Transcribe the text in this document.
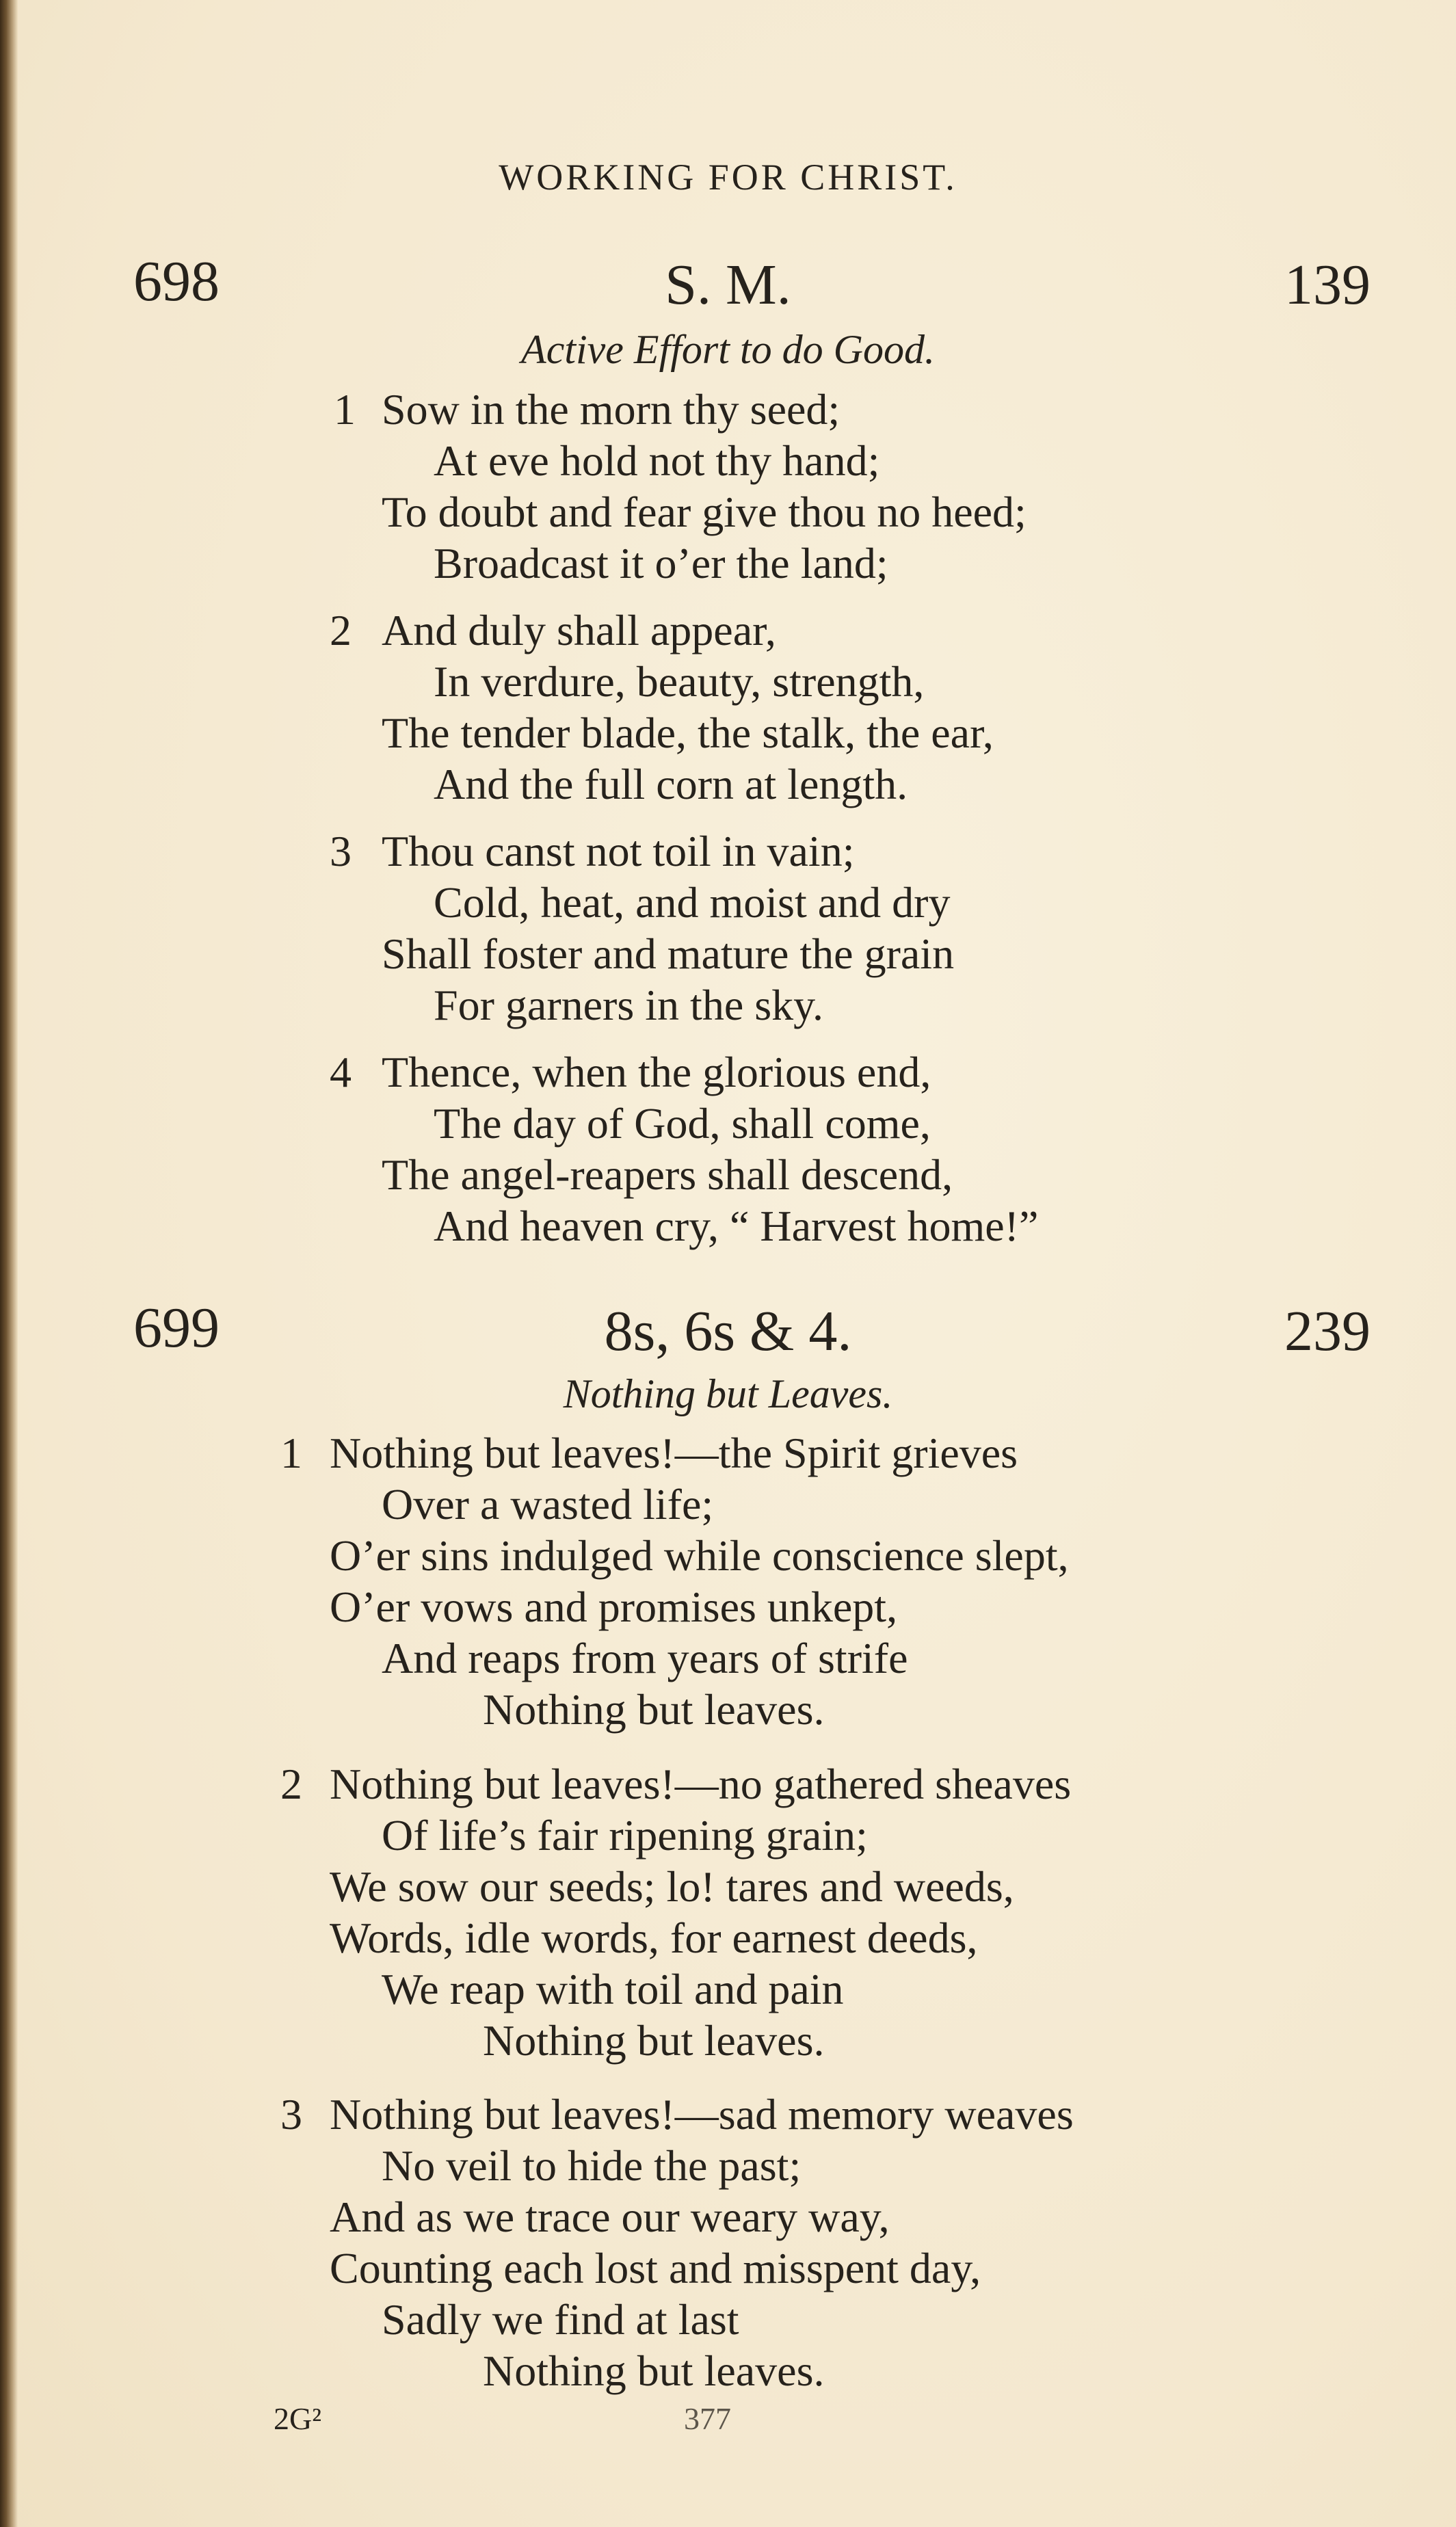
WORKING FOR CHRIST.
698	S. M.	139
Active Effort to do Good.
1 Sow in the morn thy seed;
At eve hold not thy hand;
To doubt and fear give thou no heed;
Broadcast it o’er the land;
2 And duly shall appear,
In verdure, beauty, strength,
The tender blade, the stalk, the ear,
And the full corn at length.
3 Thou canst not toil in vain;
Cold, heat, and moist and dry
Shall foster and mature the grain
For garners in the sky.
4 Thence, when the glorious end,
The day of God, shall come,
The angel-reapers shall descend,
And heaven cry, “ Harvest home!”
699	8s, 6s & 4.	239
Nothing but Leaves.
1 Nothing but leaves!—the Spirit grieves
Over a wasted life;
O’er sins indulged while conscience slept,
O’er vows and promises unkept,
And reaps from years of strife
Nothing but leaves.
2 Nothing but leaves!—no gathered sheaves
Of life’s fair ripening grain;
We sow our seeds; lo! tares and weeds,
Words, idle words, for earnest deeds,
We reap with toil and pain
Nothing but leaves.
3 Nothing but leaves!—sad memory weaves
No veil to hide the past;
And as we trace our weary way,
Counting each lost and misspent day,
Sadly we find at last
Nothing but leaves.
2G²	377
